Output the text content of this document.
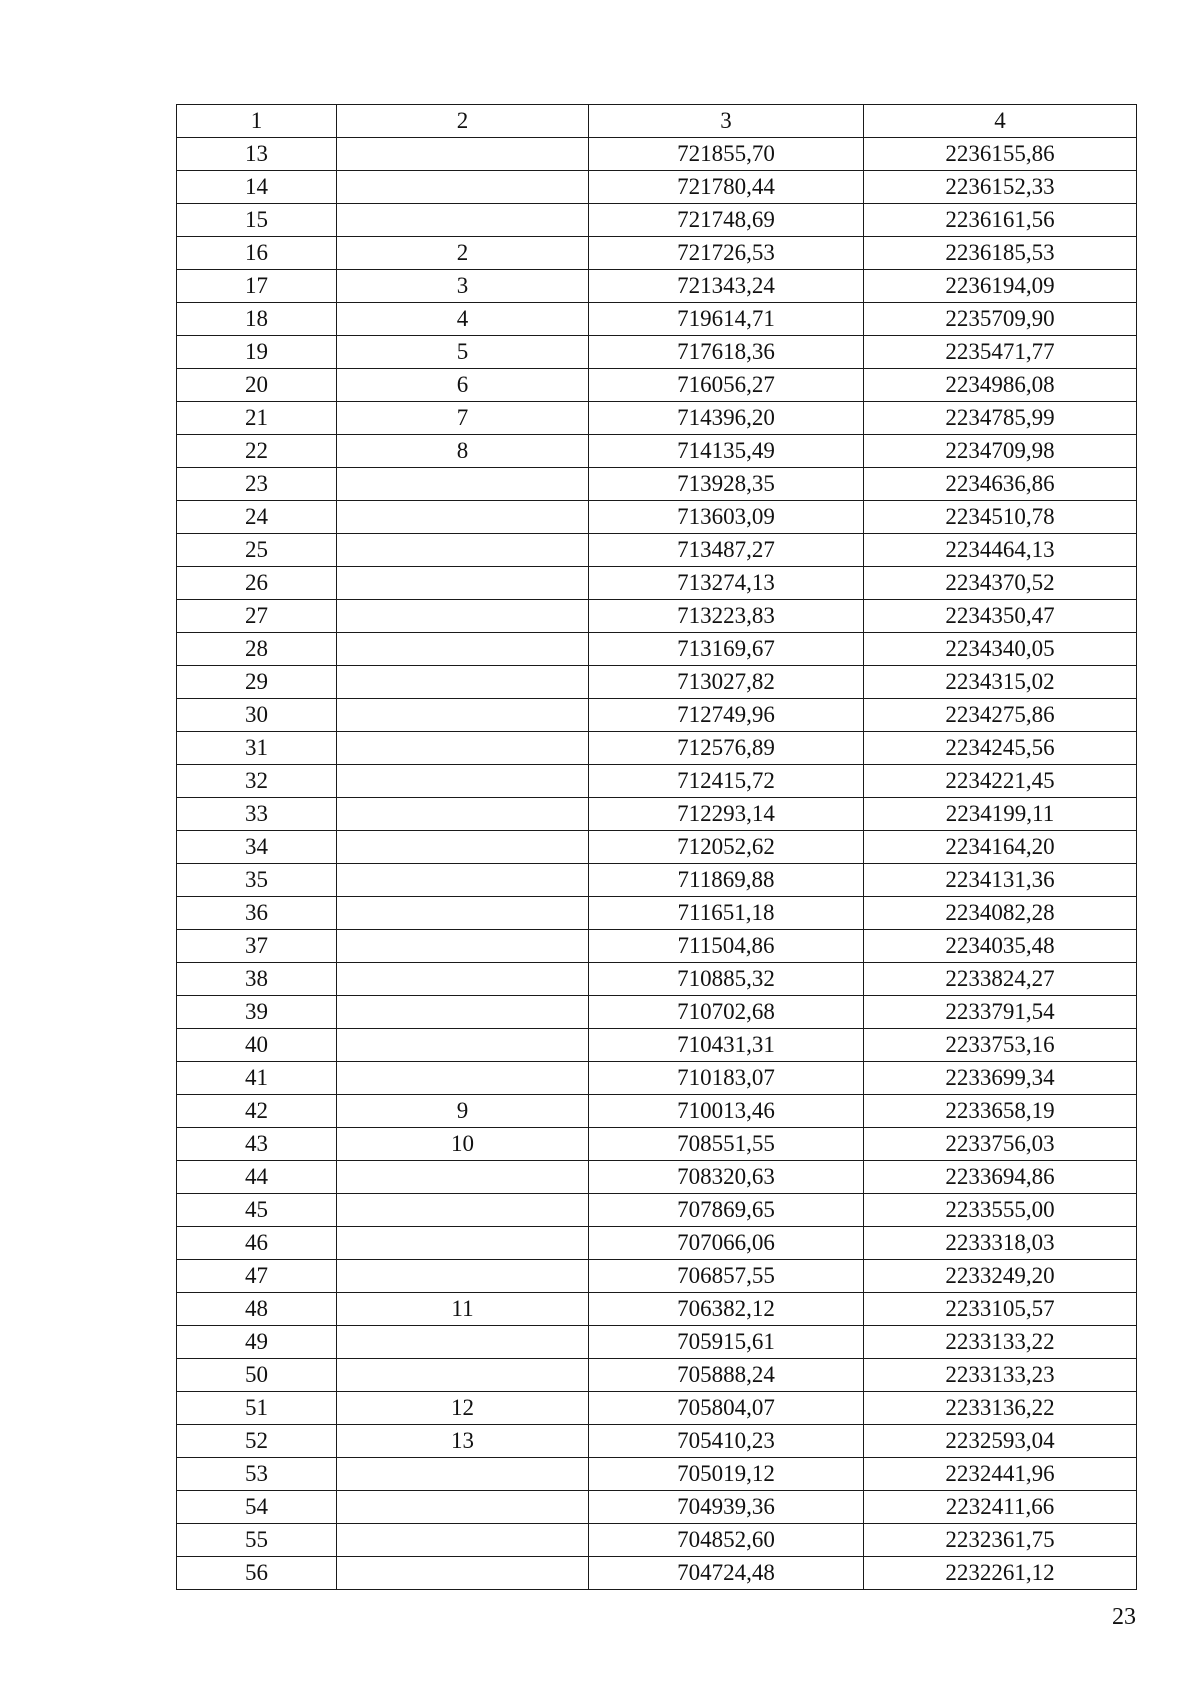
1	2	3	4
13		721855,70	2236155,86
14		721780,44	2236152,33
15		721748,69	2236161,56
16	2	721726,53	2236185,53
17	3	721343,24	2236194,09
18	4	719614,71	2235709,90
19	5	717618,36	2235471,77
20	6	716056,27	2234986,08
21	7	714396,20	2234785,99
22	8	714135,49	2234709,98
23		713928,35	2234636,86
24		713603,09	2234510,78
25		713487,27	2234464,13
26		713274,13	2234370,52
27		713223,83	2234350,47
28		713169,67	2234340,05
29		713027,82	2234315,02
30		712749,96	2234275,86
31		712576,89	2234245,56
32		712415,72	2234221,45
33		712293,14	2234199,11
34		712052,62	2234164,20
35		711869,88	2234131,36
36		711651,18	2234082,28
37		711504,86	2234035,48
38		710885,32	2233824,27
39		710702,68	2233791,54
40		710431,31	2233753,16
41		710183,07	2233699,34
42	9	710013,46	2233658,19
43	10	708551,55	2233756,03
44		708320,63	2233694,86
45		707869,65	2233555,00
46		707066,06	2233318,03
47		706857,55	2233249,20
48	11	706382,12	2233105,57
49		705915,61	2233133,22
50		705888,24	2233133,23
51	12	705804,07	2233136,22
52	13	705410,23	2232593,04
53		705019,12	2232441,96
54		704939,36	2232411,66
55		704852,60	2232361,75
56		704724,48	2232261,12
23
